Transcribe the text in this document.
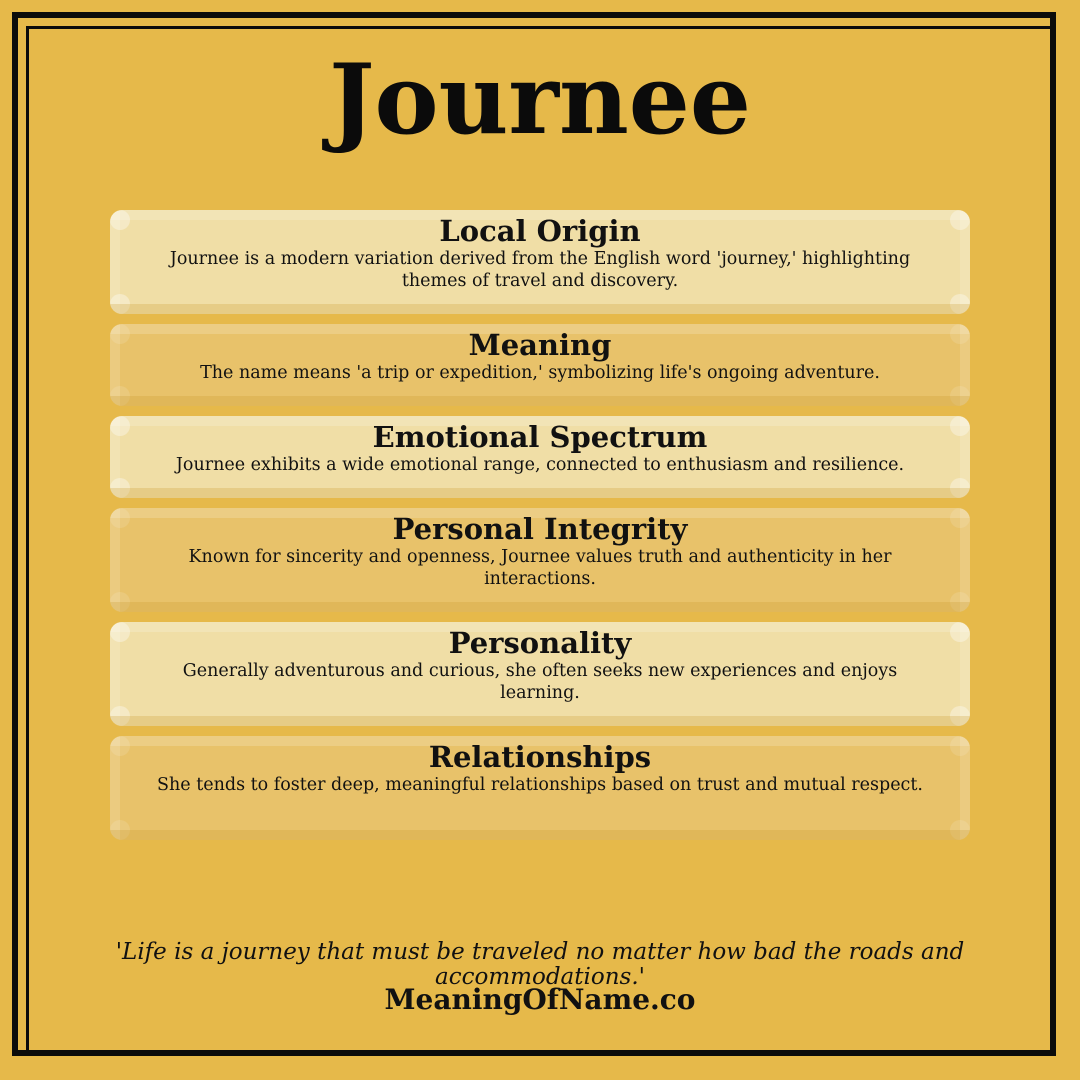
Journee
Local Origin

Journee is a modern variation derived from the English word 'journey,' highlighting themes of travel and discovery.

Meaning

The name means 'a trip or expedition,' symbolizing life's ongoing adventure.

Emotional Spectrum

Journee exhibits a wide emotional range, connected to enthusiasm and resilience.

Personal Integrity

Known for sincerity and openness, Journee values truth and authenticity in her interactions.

Personality

Generally adventurous and curious, she often seeks new experiences and enjoys learning.

Relationships

She tends to foster deep, meaningful relationships based on trust and mutual respect.

'Life is a journey that must be traveled no matter how bad the roads and accommodations.'

MeaningOfName.co
